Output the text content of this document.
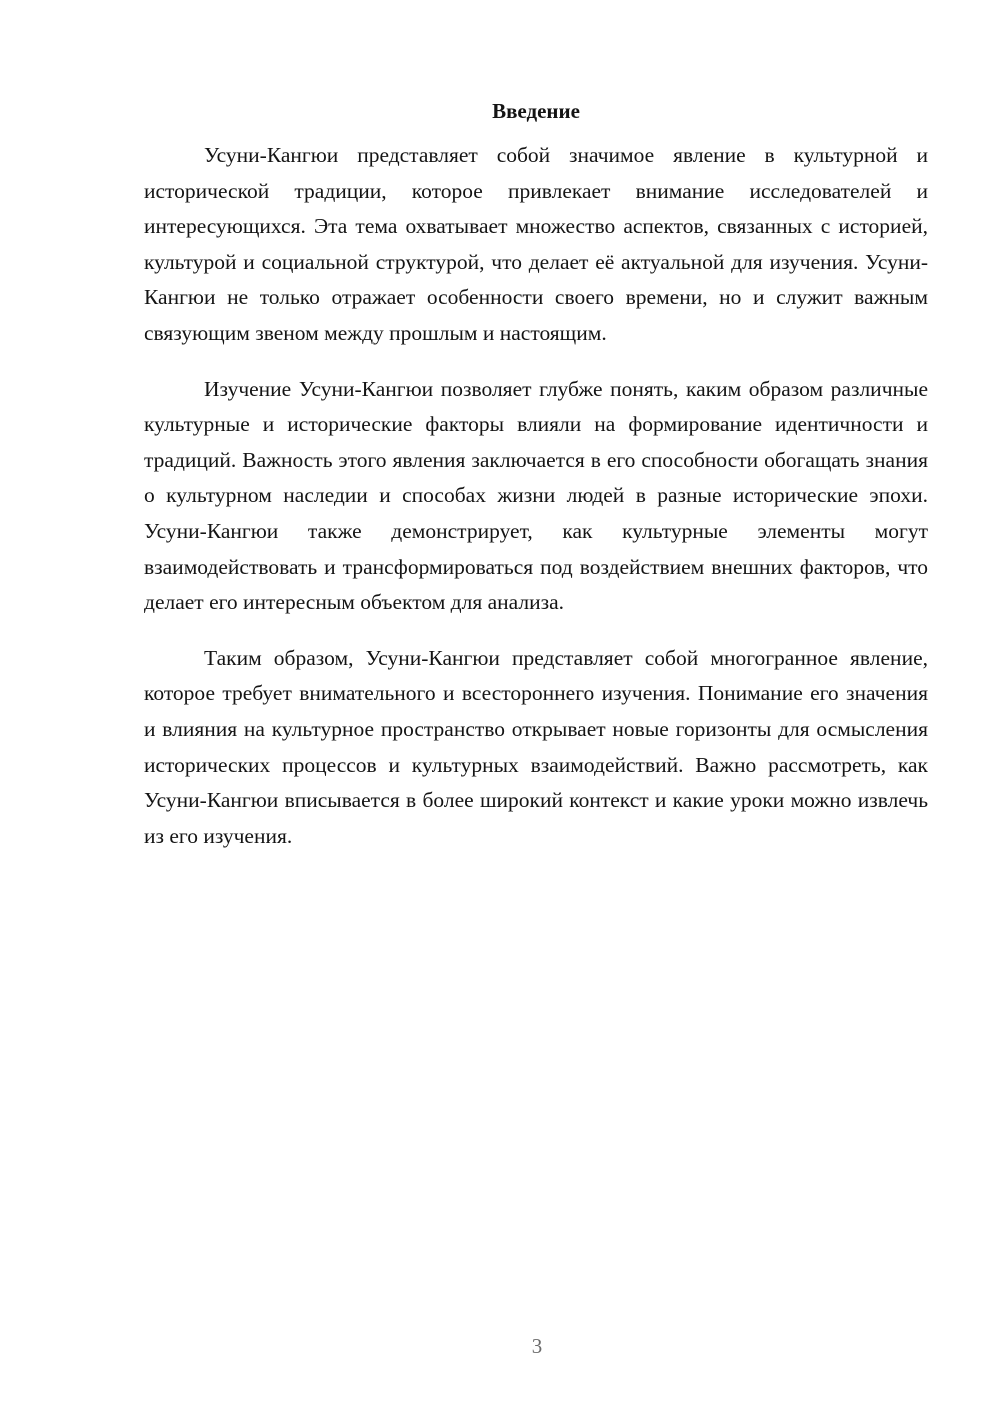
Введение

Усуни-Кангюи представляет собой значимое явление в культурной и исторической традиции, которое привлекает внимание исследователей и интересующихся. Эта тема охватывает множество аспектов, связанных с историей, культурой и социальной структурой, что делает её актуальной для изучения. Усуни-Кангюи не только отражает особенности своего времени, но и служит важным связующим звеном между прошлым и настоящим.

Изучение Усуни-Кангюи позволяет глубже понять, каким образом различные культурные и исторические факторы влияли на формирование идентичности и традиций. Важность этого явления заключается в его способности обогащать знания о культурном наследии и способах жизни людей в разные исторические эпохи. Усуни-Кангюи также демонстрирует, как культурные элементы могут взаимодействовать и трансформироваться под воздействием внешних факторов, что делает его интересным объектом для анализа.

Таким образом, Усуни-Кангюи представляет собой многогранное явление, которое требует внимательного и всестороннего изучения. Понимание его значения и влияния на культурное пространство открывает новые горизонты для осмысления исторических процессов и культурных взаимодействий. Важно рассмотреть, как Усуни-Кангюи вписывается в более широкий контекст и какие уроки можно извлечь из его изучения.

3
